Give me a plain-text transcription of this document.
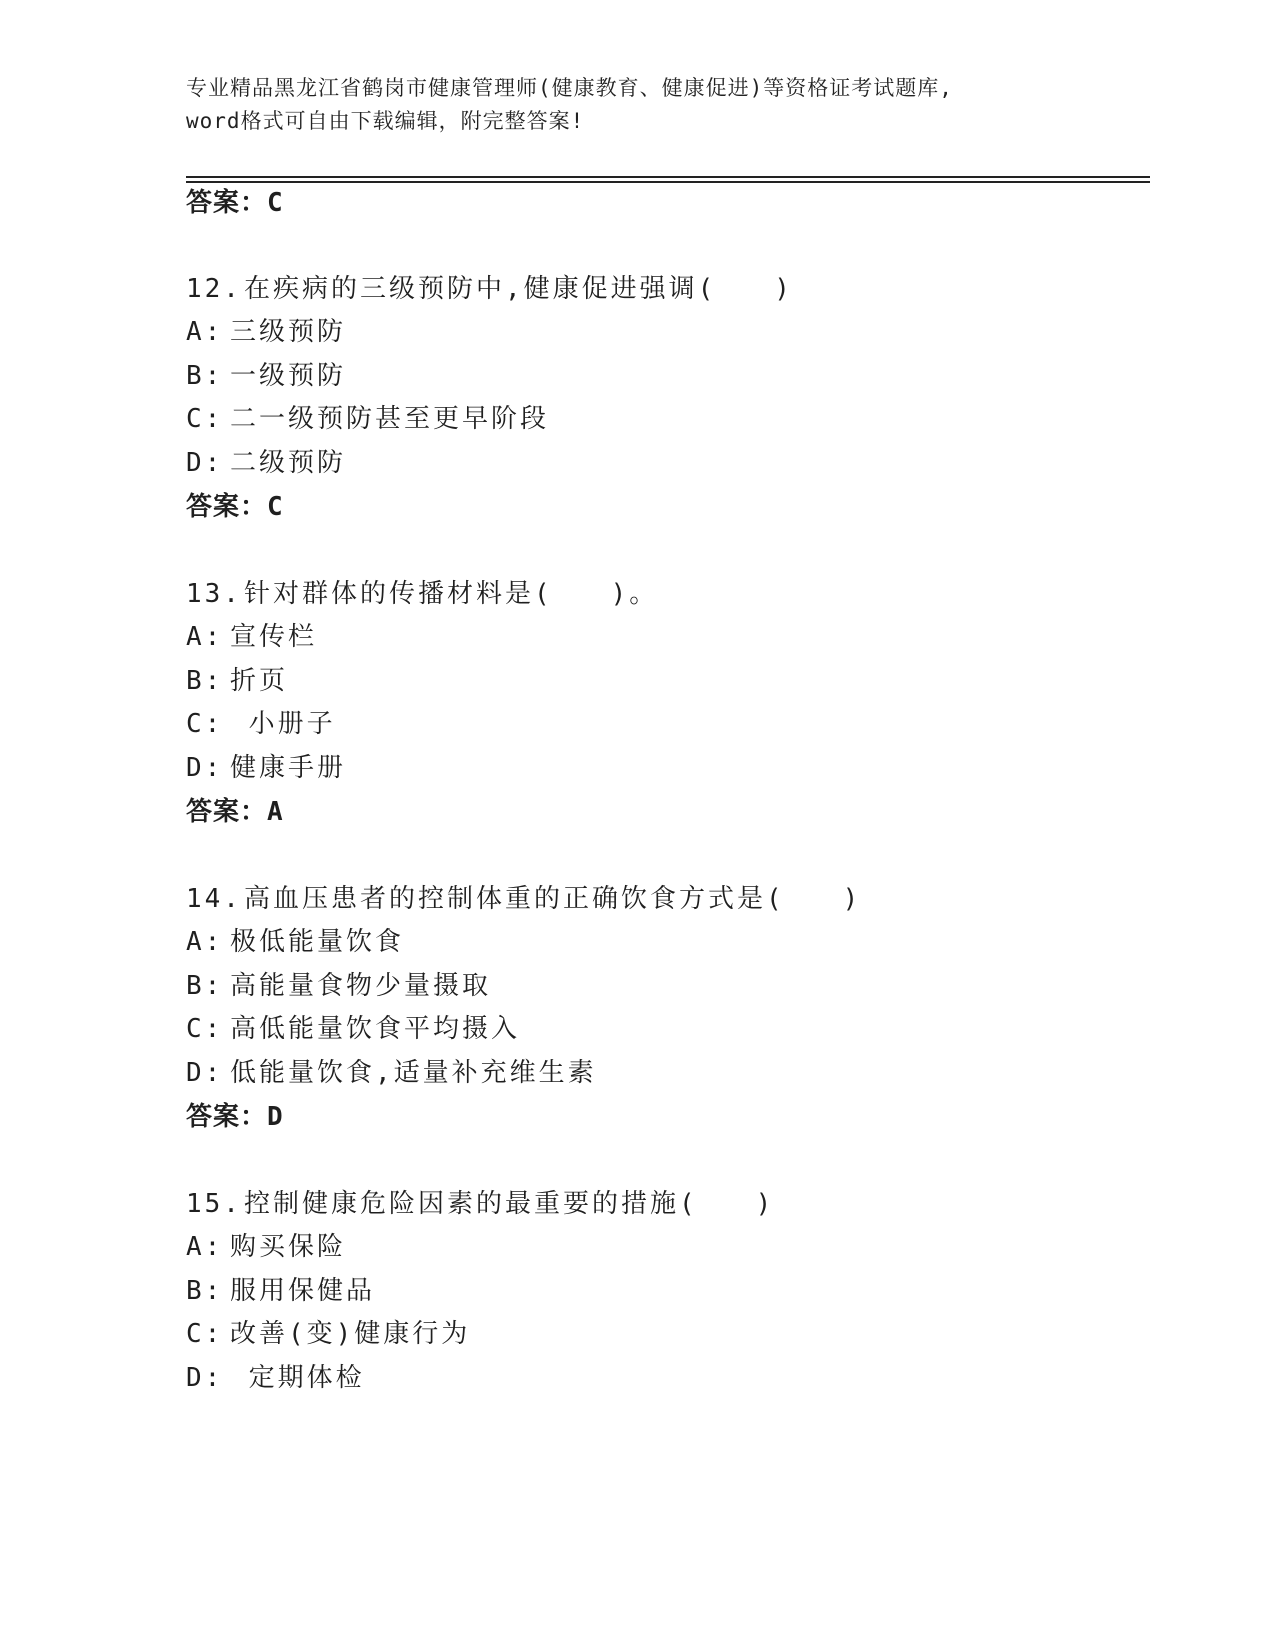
专业精品黑龙江省鹤岗市健康管理师(健康教育、健康促进)等资格证考试题库,
word格式可自由下载编辑，附完整答案!
答案：C
12.在疾病的三级预防中,健康促进强调(　　)
A: 三级预防
B: 一级预防
C: 二一级预防甚至更早阶段
D: 二级预防
答案：C
13.针对群体的传播材料是(　　)。
A: 宣传栏
B: 折页
C: 小册子
D: 健康手册
答案：A
14.高血压患者的控制体重的正确饮食方式是(　　)
A: 极低能量饮食
B: 高能量食物少量摄取
C: 高低能量饮食平均摄入
D: 低能量饮食,适量补充维生素
答案：D
15.控制健康危险因素的最重要的措施(　　)
A: 购买保险
B: 服用保健品
C: 改善(变)健康行为
D: 定期体检
